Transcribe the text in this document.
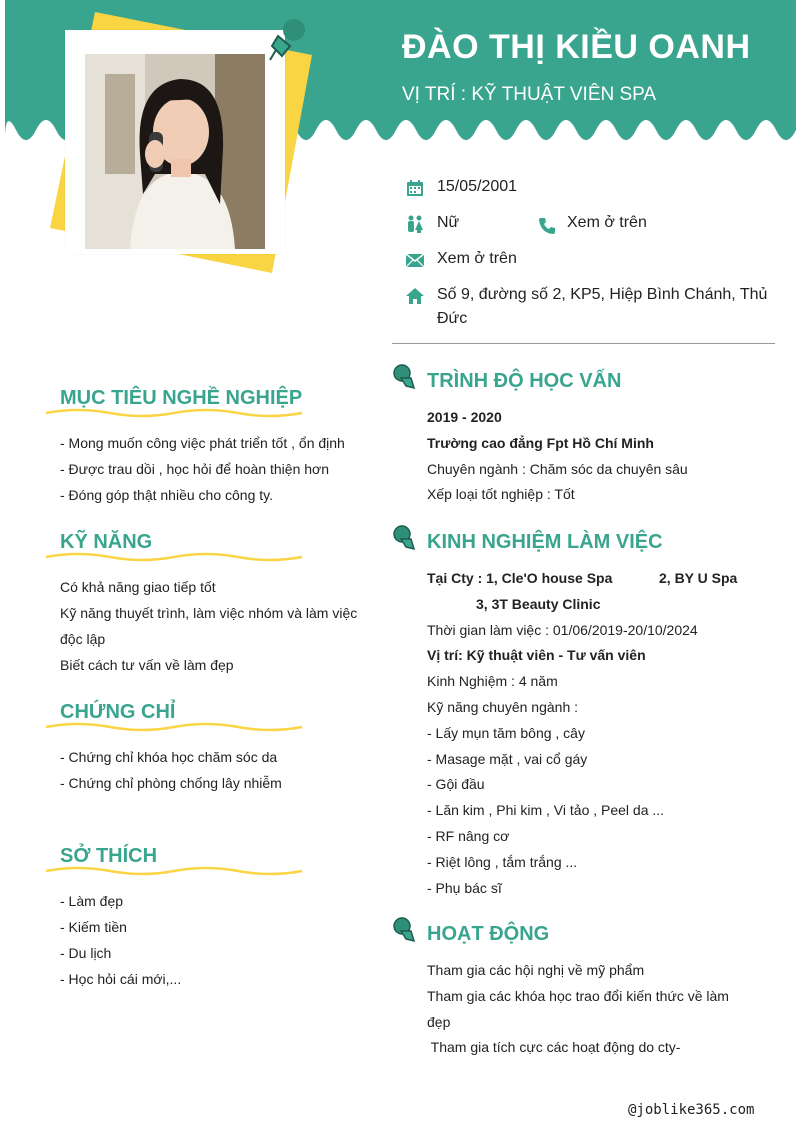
ĐÀO THỊ KIỀU OANH
VỊ TRÍ : KỸ THUẬT VIÊN SPA
15/05/2001
Nữ	Xem ở trên
Xem ở trên
Số 9, đường số 2, KP5, Hiệp Bình Chánh, Thủ
Đức
MỤC TIÊU NGHỀ NGHIỆP
- Mong muốn công việc phát triển tốt , ổn định
- Được trau dồi , học hỏi để hoàn thiện hơn
- Đóng góp thật nhiều cho công ty.
KỸ NĂNG
Có khả năng giao tiếp tốt
Kỹ năng thuyết trình, làm việc nhóm và làm việc
độc lập
Biết cách tư vấn về làm đẹp
CHỨNG CHỈ
- Chứng chỉ khóa học chăm sóc da
- Chứng chỉ phòng chống lây nhiễm
SỞ THÍCH
- Làm đẹp
- Kiếm tiền
- Du lịch
- Học hỏi cái mới,...
TRÌNH ĐỘ HỌC VẤN
2019 - 2020
Trường cao đẳng Fpt Hồ Chí Minh
Chuyên ngành : Chăm sóc da chuyên sâu
Xếp loại tốt nghiệp : Tốt
KINH NGHIỆM LÀM VIỆC
Tại Cty : 1, Cle'O house Spa	2, BY U Spa
3, 3T Beauty Clinic
Thời gian làm việc : 01/06/2019-20/10/2024
Vị trí: Kỹ thuật viên - Tư vấn viên
Kinh Nghiệm : 4 năm
Kỹ năng chuyên ngành :
- Lấy mụn tăm bông , cây
- Masage mặt , vai cổ gáy
- Gội đầu
- Lăn kim , Phi kim , Vi tảo , Peel da ...
- RF nâng cơ
- Riệt lông , tắm trắng ...
- Phụ bác sĩ
HOẠT ĐỘNG
Tham gia các hội nghị về mỹ phẩm
Tham gia các khóa học trao đổi kiến thức về làm
đẹp
Tham gia tích cực các hoạt động do cty-
@joblike365.com
